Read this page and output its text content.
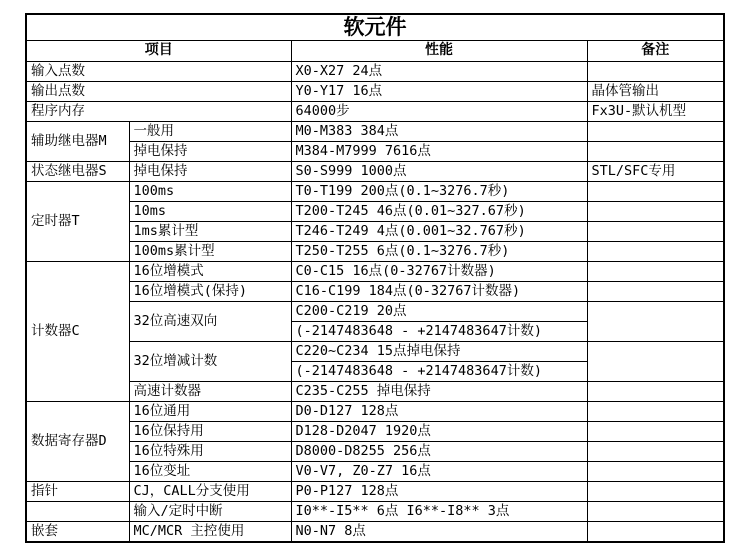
软元件			
项目		性能	备注
输入点数		X0-X27 24点	
输出点数		Y0-Y17 16点	晶体管输出
程序内存		64000步	Fx3U-默认机型
辅助继电器M	一般用	M0-M383 384点	
	掉电保持	M384-M7999 7616点	
状态继电器S	掉电保持	S0-S999 1000点	STL/SFC专用
定时器T	100ms	T0-T199 200点(0.1~3276.7秒)	
	10ms	T200-T245 46点(0.01~327.67秒)	
	1ms累计型	T246-T249 4点(0.001~32.767秒)	
	100ms累计型	T250-T255 6点(0.1~3276.7秒)	
计数器C	16位增模式	C0-C15 16点(0-32767计数器)	
	16位增模式(保持)	C16-C199 184点(0-32767计数器)	
	32位高速双向	C200-C219 20点	
		(-2147483648 - +2147483647计数)	
	32位增减计数	C220~C234 15点掉电保持	
		(-2147483648 - +2147483647计数)	
	高速计数器	C235-C255 掉电保持	
数据寄存器D	16位通用	D0-D127 128点	
	16位保持用	D128-D2047 1920点	
	16位特殊用	D8000-D8255 256点	
	16位变址	V0-V7, Z0-Z7 16点	
指针	CJ，CALL分支使用	P0-P127 128点	
	输入/定时中断	I0**-I5** 6点 I6**-I8** 3点	
嵌套	MC/MCR 主控使用	N0-N7 8点	
